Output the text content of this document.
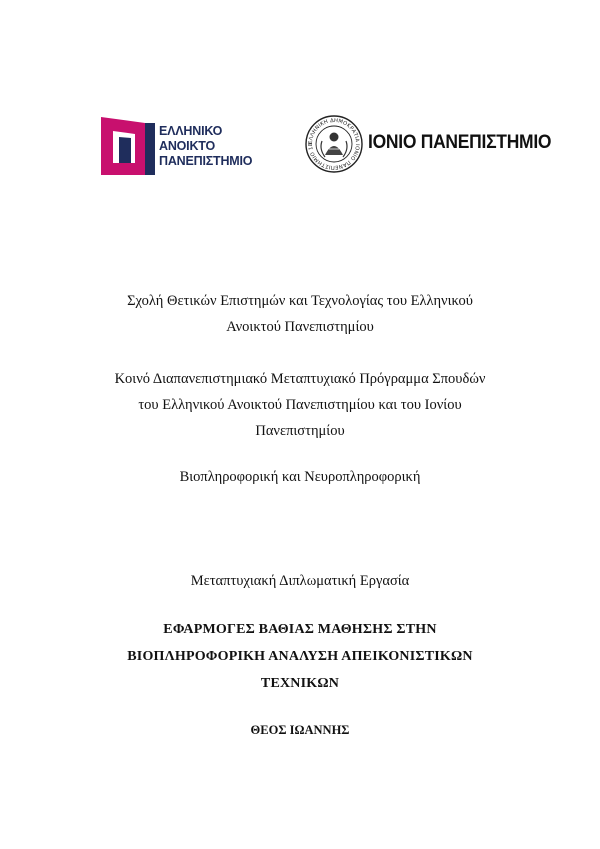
ΕΛΛΗΝΙΚΟ
ΑΝΟΙΚΤΟ
ΠΑΝΕΠΙΣΤΗΜΙΟ
ΕΛΛΗΝΙΚΗ ΔΗΜΟΚΡΑΤΙΑ ΙΟΝΙΟ ΠΑΝΕΠΙΣΤΗΜΙΟ 18	ΙΟΝΙΟ ΠΑΝΕΠΙΣΤΗΜΙΟ
Σχολή Θετικών Επιστημών και Τεχνολογίας του Ελληνικού
Ανοικτού Πανεπιστημίου
Κοινό Διαπανεπιστημιακό Μεταπτυχιακό Πρόγραμμα Σπουδών
του Ελληνικού Ανοικτού Πανεπιστημίου και του Ιονίου
Πανεπιστημίου
Βιοπληροφορική και Νευροπληροφορική
Μεταπτυχιακή Διπλωματική Εργασία
ΕΦΑΡΜΟΓΕΣ ΒΑΘΙΑΣ ΜΑΘΗΣΗΣ ΣΤΗΝ
ΒΙΟΠΛΗΡΟΦΟΡΙΚΗ ΑΝΑΛΥΣΗ ΑΠΕΙΚΟΝΙΣΤΙΚΩΝ
ΤΕΧΝΙΚΩΝ
ΘΕΟΣ ΙΩΑΝΝΗΣ
